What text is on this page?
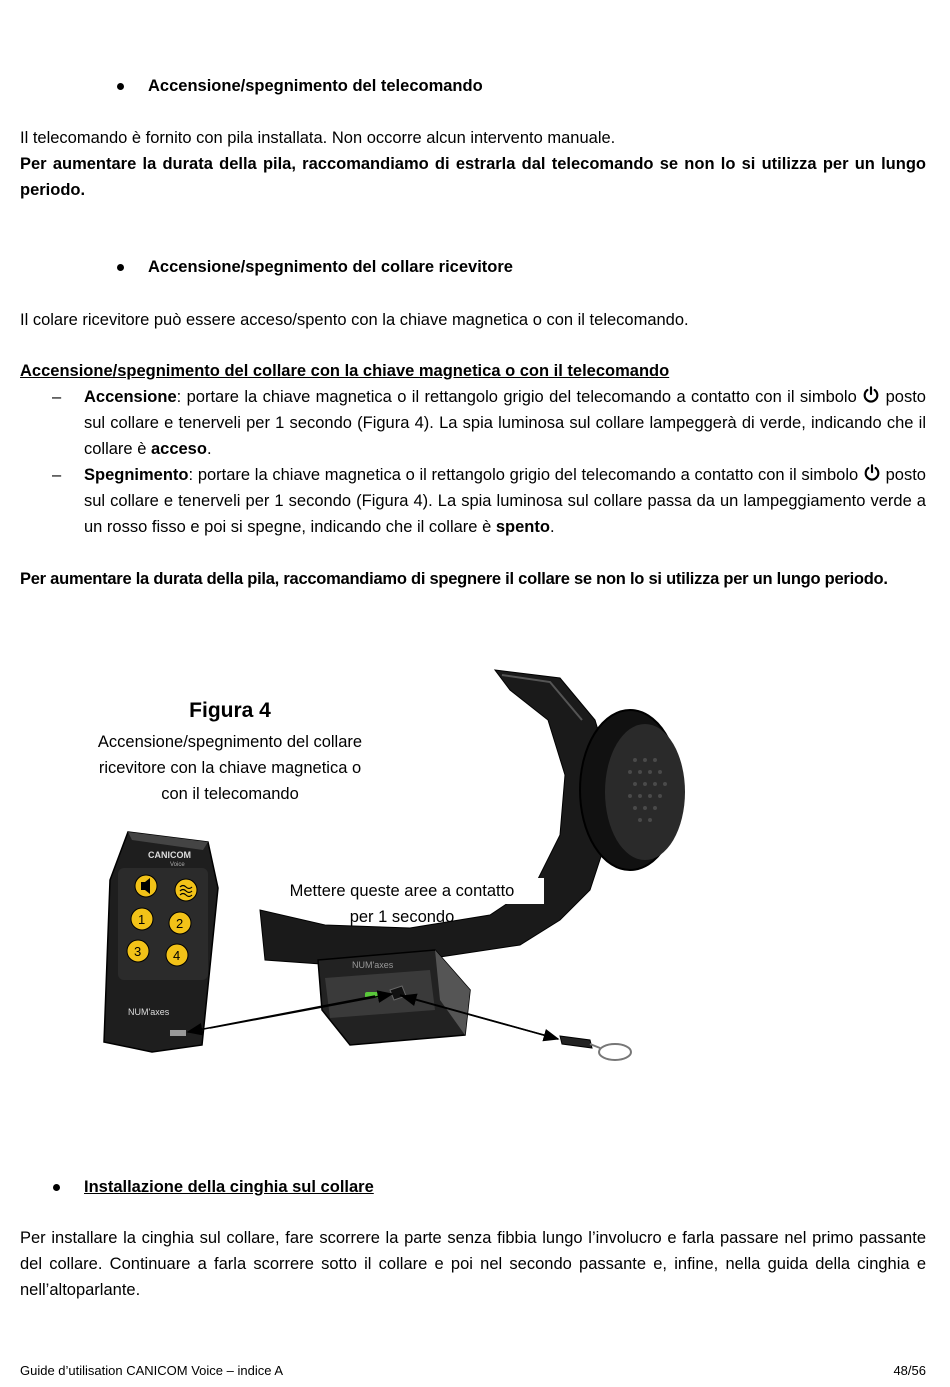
Accensione/spegnimento del telecomando
Il telecomando è fornito con pila installata. Non occorre alcun intervento manuale.
Per aumentare la durata della pila, raccomandiamo di estrarla dal telecomando se non lo si utilizza per un lungo periodo.
Accensione/spegnimento del collare ricevitore
Il colare ricevitore può essere acceso/spento con la chiave magnetica o con il telecomando.
Accensione/spegnimento del collare con la chiave magnetica o con il telecomando
– Accensione: portare la chiave magnetica o il rettangolo grigio del telecomando a contatto con il simbolo posto sul collare e tenerveli per 1 secondo (Figura 4). La spia luminosa sul collare lampeggerà di verde, indicando che il collare è acceso.
– Spegnimento: portare la chiave magnetica o il rettangolo grigio del telecomando a contatto con il simbolo posto sul collare e tenerveli per 1 secondo (Figura 4). La spia luminosa sul collare passa da un lampeggiamento verde a un rosso fisso e poi si spegne, indicando che il collare è spento.
Per aumentare la durata della pila, raccomandiamo di spegnere il collare se non lo si utilizza per un lungo periodo.
Figura 4
Accensione/spegnimento del collare
ricevitore con la chiave magnetica o
con il telecomando
NUM'axes
CANICOM
Voice
1 2
3 4
NUM'axes
Mettere queste aree a contatto
per 1 secondo
Installazione della cinghia sul collare
Per installare la cinghia sul collare, fare scorrere la parte senza fibbia lungo l’involucro e farla passare nel primo passante del collare. Continuare a farla scorrere sotto il collare e poi nel secondo passante e, infine, nella guida della cinghia e nell’altoparlante.
Guide d’utilisation CANICOM Voice – indice A	48/56
